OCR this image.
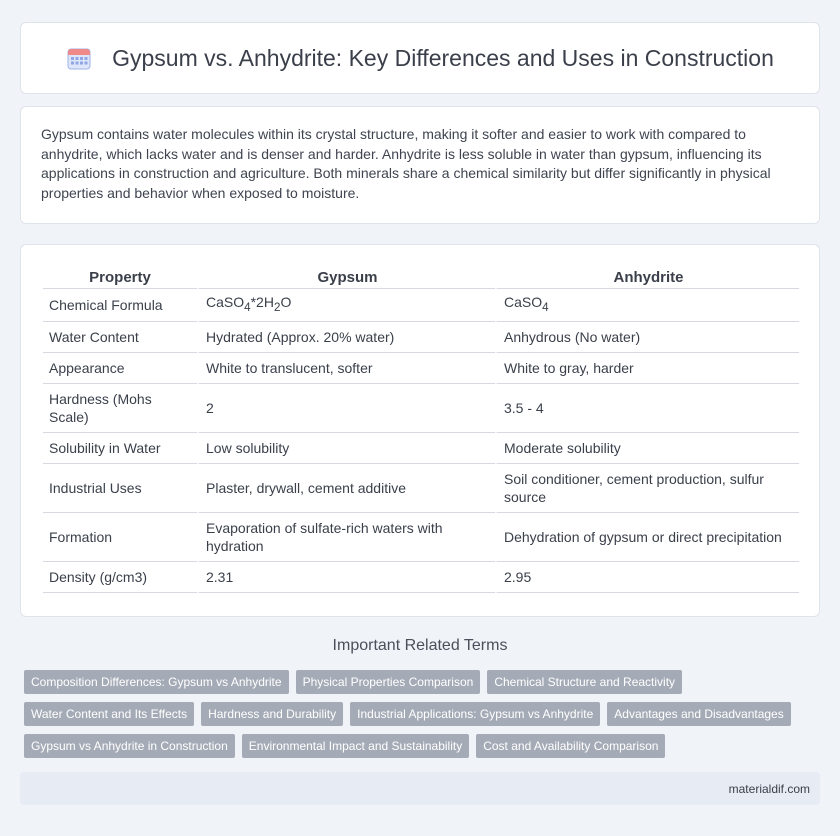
Gypsum vs. Anhydrite: Key Differences and Uses in Construction

Gypsum contains water molecules within its crystal structure, making it softer and easier to work with compared to anhydrite, which lacks water and is denser and harder. Anhydrite is less soluble in water than gypsum, influencing its applications in construction and agriculture. Both minerals share a chemical similarity but differ significantly in physical properties and behavior when exposed to moisture.

Property	Gypsum	Anhydrite
Chemical Formula	$CaSO_4*2H_2O$	CaSO$_4$
Water Content	Hydrated (Approx. 20% water)	Anhydrous (No water)
Appearance	White to translucent, softer	White to gray, harder
Hardness (Mohs Scale)	2	3.5 - 4
Solubility in Water	Low solubility	Moderate solubility
Industrial Uses	Plaster, drywall, cement additive	Soil conditioner, cement production, sulfur source
Formation	Evaporation of sulfate-rich waters with hydration	Dehydration of gypsum or direct precipitation
Density (g/cm3)	2.31	2.95
Important Related Terms
Composition Differences: Gypsum vs Anhydrite	Physical Properties Comparison	Chemical Structure and Reactivity
Water Content and Its Effects	Hardness and Durability	Industrial Applications: Gypsum vs Anhydrite	Advantages and Disadvantages
Gypsum vs Anhydrite in Construction	Environmental Impact and Sustainability	Cost and Availability Comparison
materialdif.com
